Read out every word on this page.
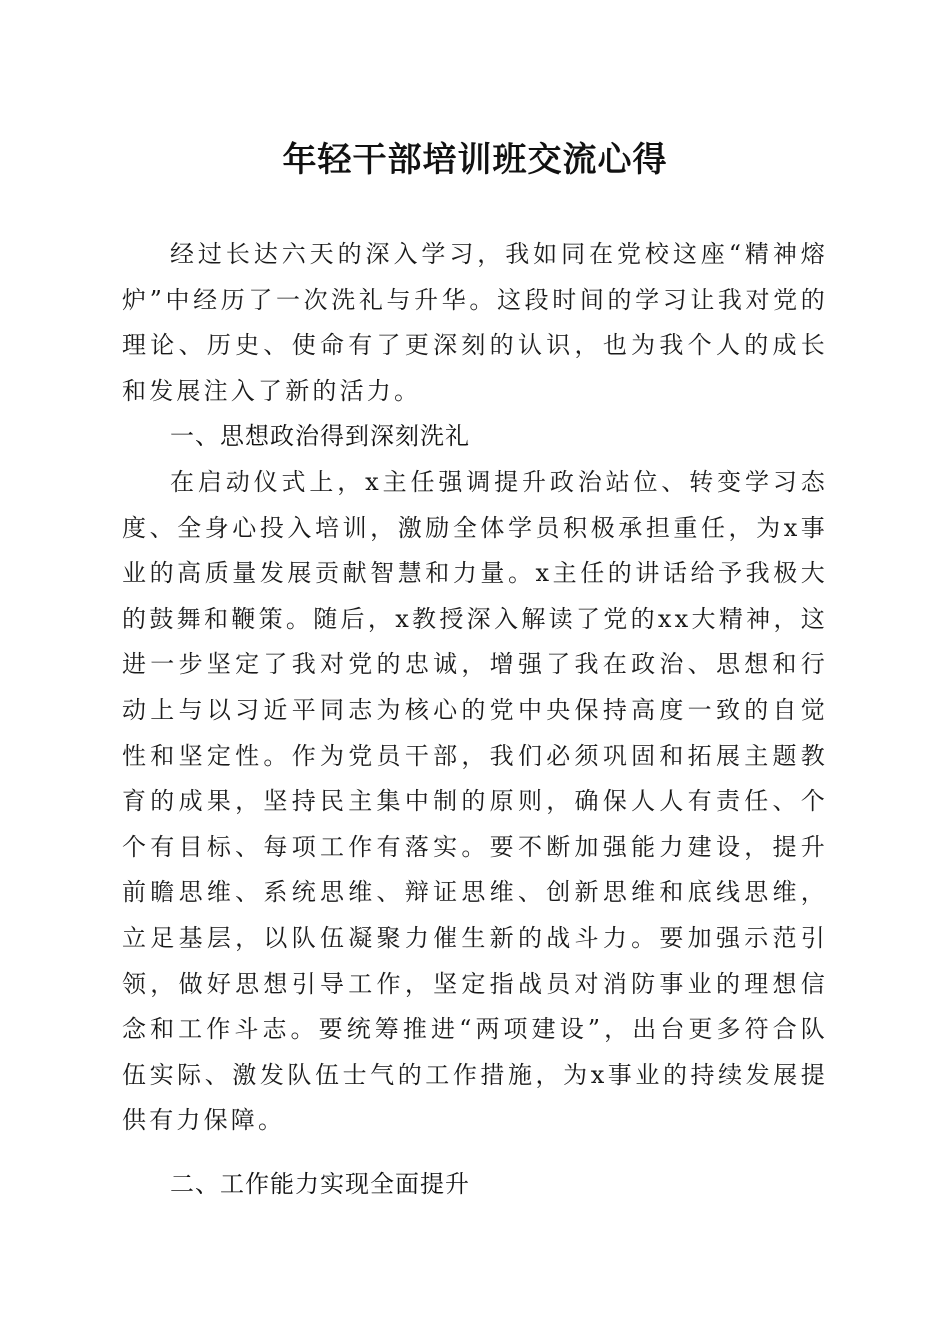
年轻干部培训班交流心得

经过长达六天的深入学习，我如同在党校这座“精神熔炉”中经历了一次洗礼与升华。这段时间的学习让我对党的理论、历史、使命有了更深刻的认识，也为我个人的成长和发展注入了新的活力。

一、思想政治得到深刻洗礼

在启动仪式上，x主任强调提升政治站位、转变学习态度、全身心投入培训，激励全体学员积极承担重任，为x事业的高质量发展贡献智慧和力量。x主任的讲话给予我极大的鼓舞和鞭策。随后，x教授深入解读了党的xx大精神，这进一步坚定了我对党的忠诚，增强了我在政治、思想和行动上与以习近平同志为核心的党中央保持高度一致的自觉性和坚定性。作为党员干部，我们必须巩固和拓展主题教育的成果，坚持民主集中制的原则，确保人人有责任、个个有目标、每项工作有落实。要不断加强能力建设，提升前瞻思维、系统思维、辩证思维、创新思维和底线思维，立足基层，以队伍凝聚力催生新的战斗力。要加强示范引领，做好思想引导工作，坚定指战员对消防事业的理想信念和工作斗志。要统筹推进“两项建设”，出台更多符合队伍实际、激发队伍士气的工作措施，为x事业的持续发展提供有力保障。

二、工作能力实现全面提升
